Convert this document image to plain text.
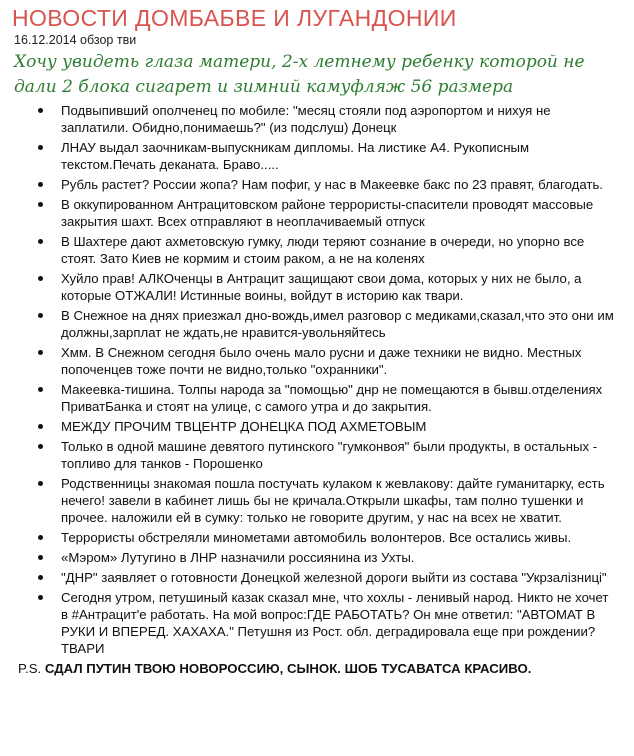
НОВОСТИ ДОМБАБВЕ И ЛУГАНДОНИИ
16.12.2014 обзор тви
Хочу увидеть глаза матери, 2-х летнему ребенку которой не дали 2 блока сигарет и зимний камуфляж 56 размера
Подвыпивший ополченец по мобиле: "месяц стояли под аэропортом и нихуя не заплатили. Обидно,понимаешь?" (из подслуш) Донецк
ЛНАУ выдал заочникам-выпускникам дипломы. На листике А4. Рукописным текстом.Печать деканата. Браво.....
Рубль растет? России жопа? Нам пофиг, у нас в Макеевке бакс по 23 правят, благодать.
В оккупированном Антрацитовском районе террористы-спасители проводят массовые закрытия шахт. Всех отправляют в неоплачиваемый отпуск
В Шахтере дают ахметовскую гумку, люди теряют сознание в очереди, но упорно все стоят. Зато Киев не кормим и стоим раком, а не на коленях
Хуйло прав! АЛКОченцы в Антрацит защищают свои дома, которых у них не было, а которые ОТЖАЛИ! Истинные воины, войдут в историю как твари.
В Снежное на днях приезжал дно-вождь,имел разговор с медиками,сказал,что это они им должны,зарплат не ждать,не нравится-увольняйтесь
Хмм. В Снежном сегодня было очень мало русни и даже техники не видно. Местных попоченцев тоже почти не видно,только "охранники".
Макеевка-тишина. Толпы народа за "помощью" днр не помещаются в бывш.отделениях ПриватБанка и стоят на улице, с самого утра и до закрытия.
МЕЖДУ ПРОЧИМ ТВЦЕНТР ДОНЕЦКА ПОД АХМЕТОВЫМ
Только в одной машине девятого путинского "гумконвоя" были продукты, в остальных - топливо для танков - Порошенко
Родственницы знакомая пошла постучать кулаком к жевлакову: дайте гуманитарку, есть нечего! завели в кабинет лишь бы не кричала.Открыли шкафы, там полно тушенки и прочее. наложили ей в сумку: только не говорите другим, у нас на всех не хватит.
Террористы обстреляли минометами автомобиль волонтеров. Все остались живы.
«Мэром» Лутугино в ЛНР назначили россиянина из Ухты.
"ДНР" заявляет о готовности Донецкой железной дороги выйти из состава "Укрзалізниці"
Сегодня утром, петушиный казак сказал мне, что хохлы - ленивый народ. Никто не хочет в #Антрацит'е работать. На мой вопрос:ГДЕ РАБОТАТЬ? Он мне ответил: "АВТОМАТ В РУКИ И ВПЕРЕД. ХАХАХА." Петушня из Рост. обл. деградировала еще при рождении? ТВАРИ
P.S. СДАЛ ПУТИН ТВОЮ НОВОРОССИЮ, СЫНОК. ШОБ ТУСАВАТСА КРАСИВО.
